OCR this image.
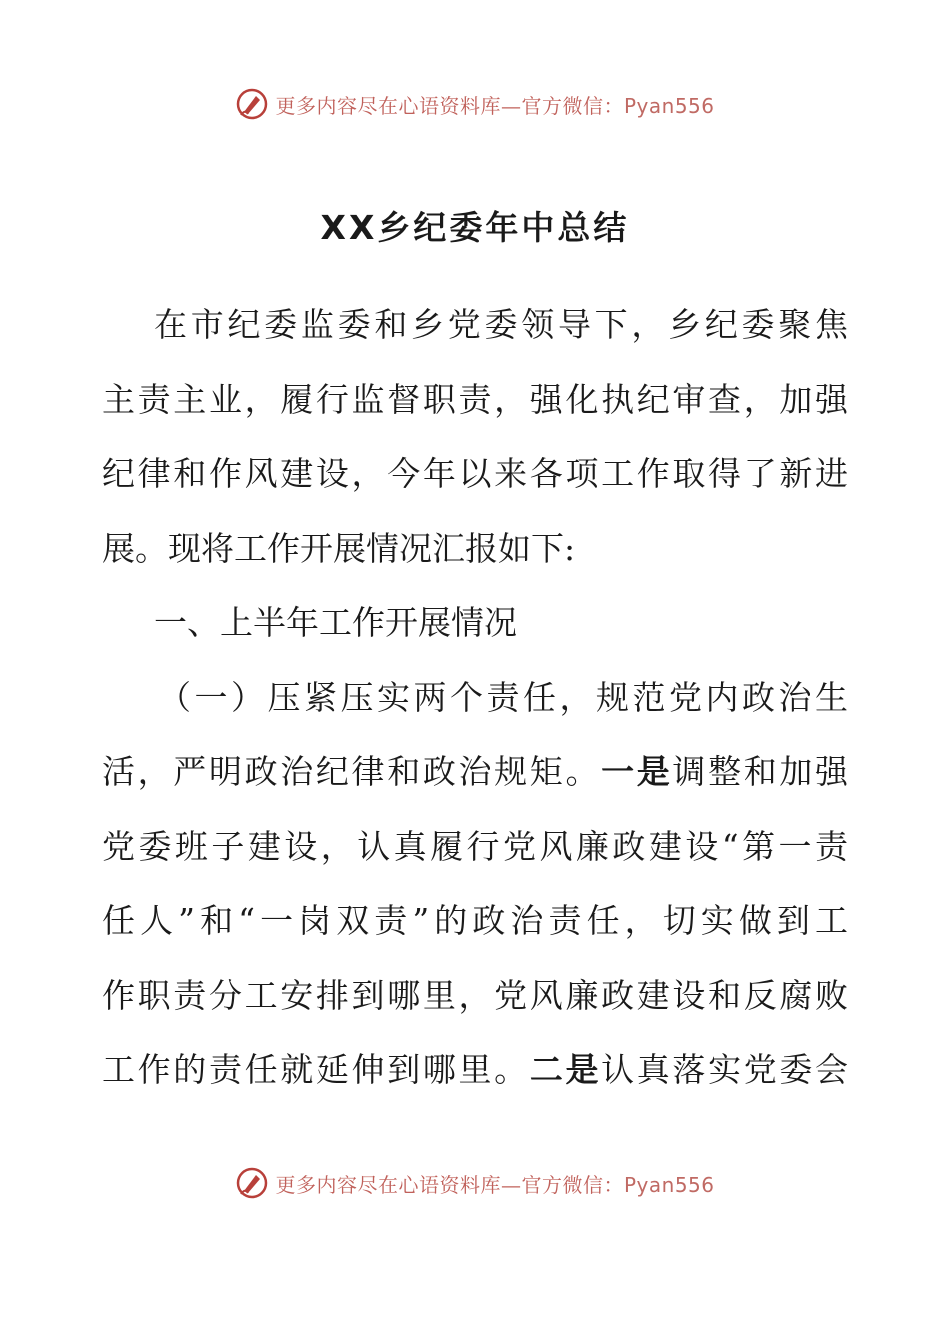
更多内容尽在心语资料库—官方微信：Pyan556
XX乡纪委年中总结
在市纪委监委和乡党委领导下，乡纪委聚焦
主责主业，履行监督职责，强化执纪审查，加强
纪律和作风建设，今年以来各项工作取得了新进
展。现将工作开展情况汇报如下:
一、上半年工作开展情况
（一）压紧压实两个责任，规范党内政治生
活，严明政治纪律和政治规矩。一是调整和加强
党委班子建设，认真履行党风廉政建设“第一责
任人”和“一岗双责”的政治责任，切实做到工
作职责分工安排到哪里，党风廉政建设和反腐败
工作的责任就延伸到哪里。二是认真落实党委会
更多内容尽在心语资料库—官方微信：Pyan556
